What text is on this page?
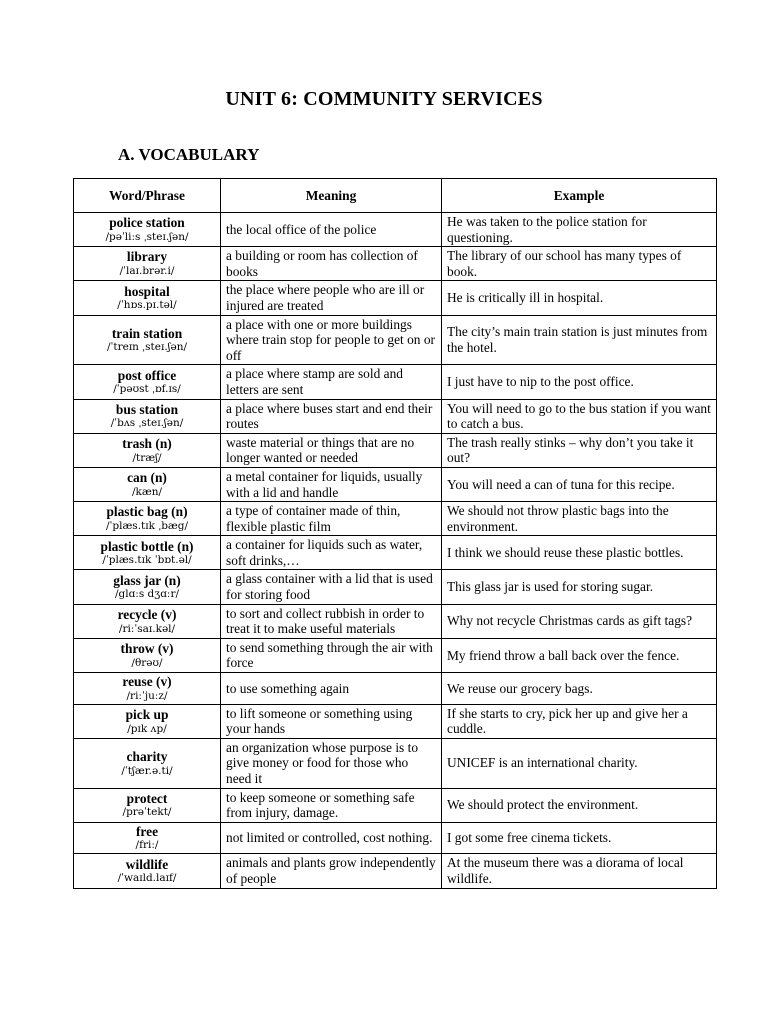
UNIT 6: COMMUNITY SERVICES
A. VOCABULARY
Word/Phrase	Meaning	Example

police station
/pəˈliːs ˌsteɪ.ʃən/	the local office of the police	He was taken to the police station for questioning.

library
/ˈlaɪ.brər.i/	a building or room has collection of books	The library of our school has many types of book.

hospital
/ˈhɒs.pɪ.təl/	the place where people who are ill or injured are treated	He is critically ill in hospital.

train station
/ˈtreɪn ˌsteɪ.ʃən/	a place with one or more buildings where train stop for people to get on or off	The city’s main train station is just minutes from the hotel.

post office
/ˈpəʊst ˌɒf.ɪs/	a place where stamp are sold and letters are sent	I just have to nip to the post office.

bus station
/ˈbʌs ˌsteɪ.ʃən/	a place where buses start and end their routes	You will need to go to the bus station if you want to catch a bus.

trash (n)
/træʃ/	waste material or things that are no longer wanted or needed	The trash really stinks – why don’t you take it out?

can (n)
/kæn/	a metal container for liquids, usually with a lid and handle	You will need a can of tuna for this recipe.

plastic bag (n)
/ˈplæs.tɪk ˌbæg/	a type of container made of thin, flexible plastic film	We should not throw plastic bags into the environment.

plastic bottle (n)
/ˈplæs.tɪk ˈbɒt.əl/	a container for liquids such as water, soft drinks,…	I think we should reuse these plastic bottles.

glass jar (n)
/glɑːs dʒɑːr/	a glass container with a lid that is used for storing food	This glass jar is used for storing sugar.

recycle (v)
/riːˈsaɪ.kəl/	to sort and collect rubbish in order to treat it to make useful materials	Why not recycle Christmas cards as gift tags?

throw (v)
/θrəʊ/	to send something through the air with force	My friend throw a ball back over the fence.

reuse (v)
/riːˈjuːz/	to use something again	We reuse our grocery bags.

pick up
/pɪk ʌp/	to lift someone or something using your hands	If she starts to cry, pick her up and give her a cuddle.

charity
/ˈtʃær.ə.ti/	an organization whose purpose is to give money or food for those who need it	UNICEF is an international charity.

protect
/prəˈtekt/	to keep someone or something safe from injury, damage.	We should protect the environment.

free
/friː/	not limited or controlled, cost nothing.	I got some free cinema tickets.

wildlife
/ˈwaɪld.laɪf/	animals and plants grow independently of people	At the museum there was a diorama of local wildlife.
